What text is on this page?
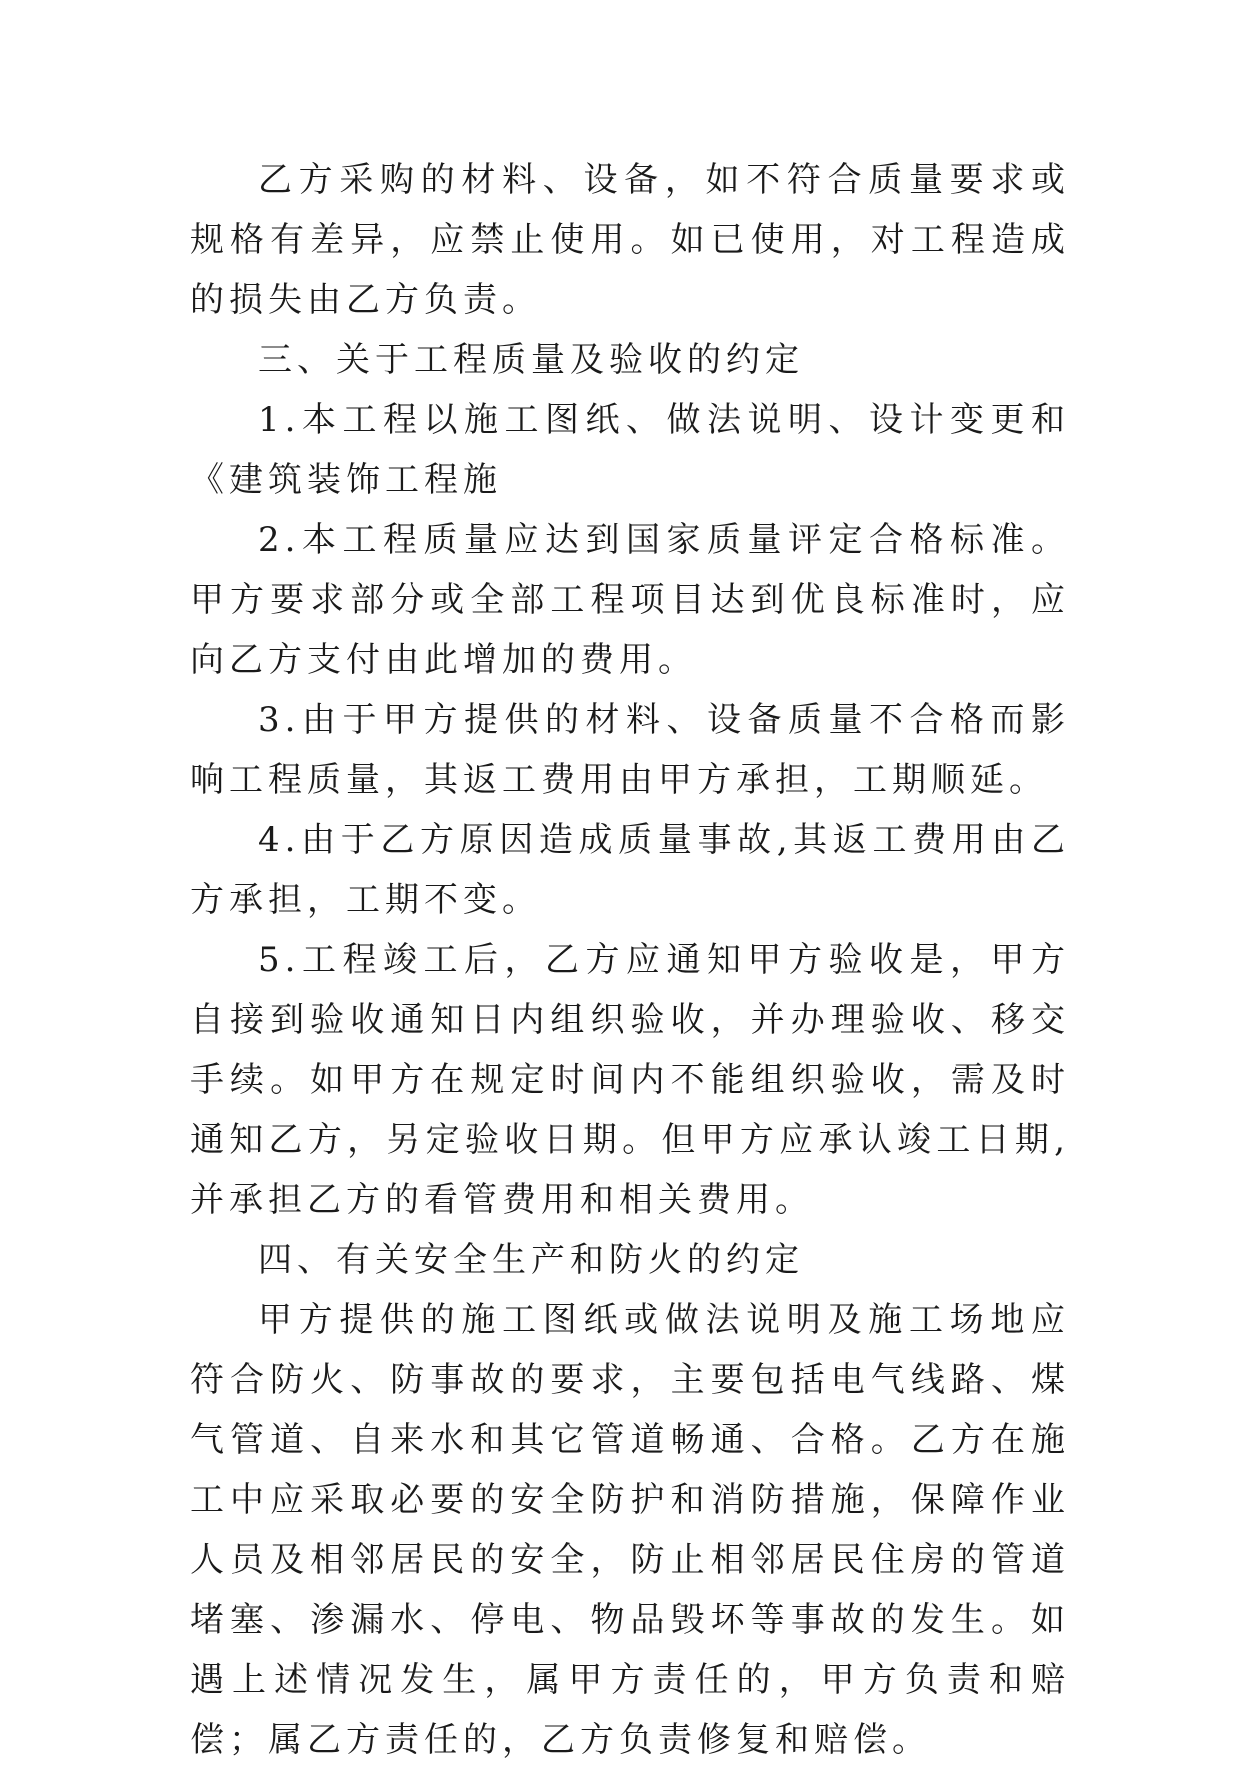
乙方采购的材料、设备，如不符合质量要求或规格有差异，应禁止使用。如已使用，对工程造成的损失由乙方负责。

三、关于工程质量及验收的约定

1.本工程以施工图纸、做法说明、设计变更和《建筑装饰工程施

2.本工程质量应达到国家质量评定合格标准。甲方要求部分或全部工程项目达到优良标准时，应向乙方支付由此增加的费用。

3.由于甲方提供的材料、设备质量不合格而影响工程质量，其返工费用由甲方承担，工期顺延。

4.由于乙方原因造成质量事故,其返工费用由乙方承担，工期不变。

5.工程竣工后，乙方应通知甲方验收是，甲方自接到验收通知日内组织验收，并办理验收、移交手续。如甲方在规定时间内不能组织验收，需及时通知乙方，另定验收日期。但甲方应承认竣工日期,并承担乙方的看管费用和相关费用。

四、有关安全生产和防火的约定

甲方提供的施工图纸或做法说明及施工场地应符合防火、防事故的要求，主要包括电气线路、煤气管道、自来水和其它管道畅通、合格。乙方在施工中应采取必要的安全防护和消防措施，保障作业人员及相邻居民的安全，防止相邻居民住房的管道堵塞、渗漏水、停电、物品毁坏等事故的发生。如遇上述情况发生，属甲方责任的，甲方负责和赔偿；属乙方责任的，乙方负责修复和赔偿。
